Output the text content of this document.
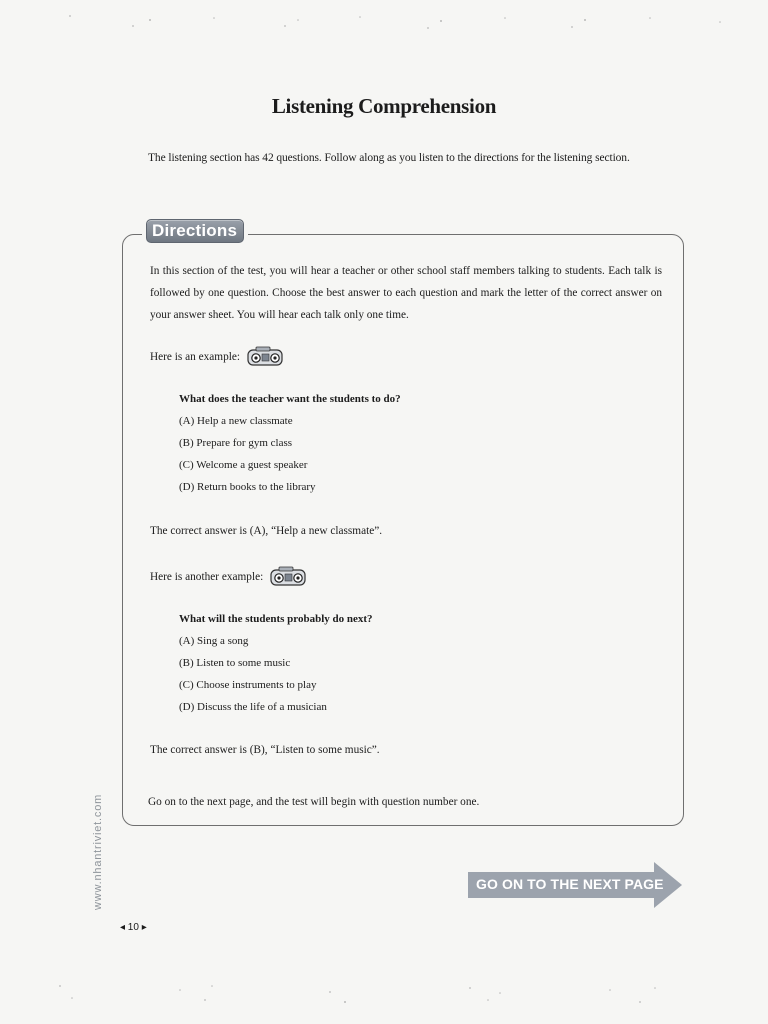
Listening Comprehension
The listening section has 42 questions. Follow along as you listen to the directions for the listening section.
Directions
In this section of the test, you will hear a teacher or other school staff members talking to students. Each talk is followed by one question. Choose the best answer to each question and mark the letter of the correct answer on your answer sheet. You will hear each talk only one time.
Here is an example:
What does the teacher want the students to do?
(A) Help a new classmate
(B) Prepare for gym class
(C) Welcome a guest speaker
(D) Return books to the library
The correct answer is (A), “Help a new classmate”.
Here is another example:
What will the students probably do next?
(A) Sing a song
(B) Listen to some music
(C) Choose instruments to play
(D) Discuss the life of a musician
The correct answer is (B), “Listen to some music”.
Go on to the next page, and the test will begin with question number one.
GO ON TO THE NEXT PAGE
www.nhantriviet.com
◂ 10 ▸
